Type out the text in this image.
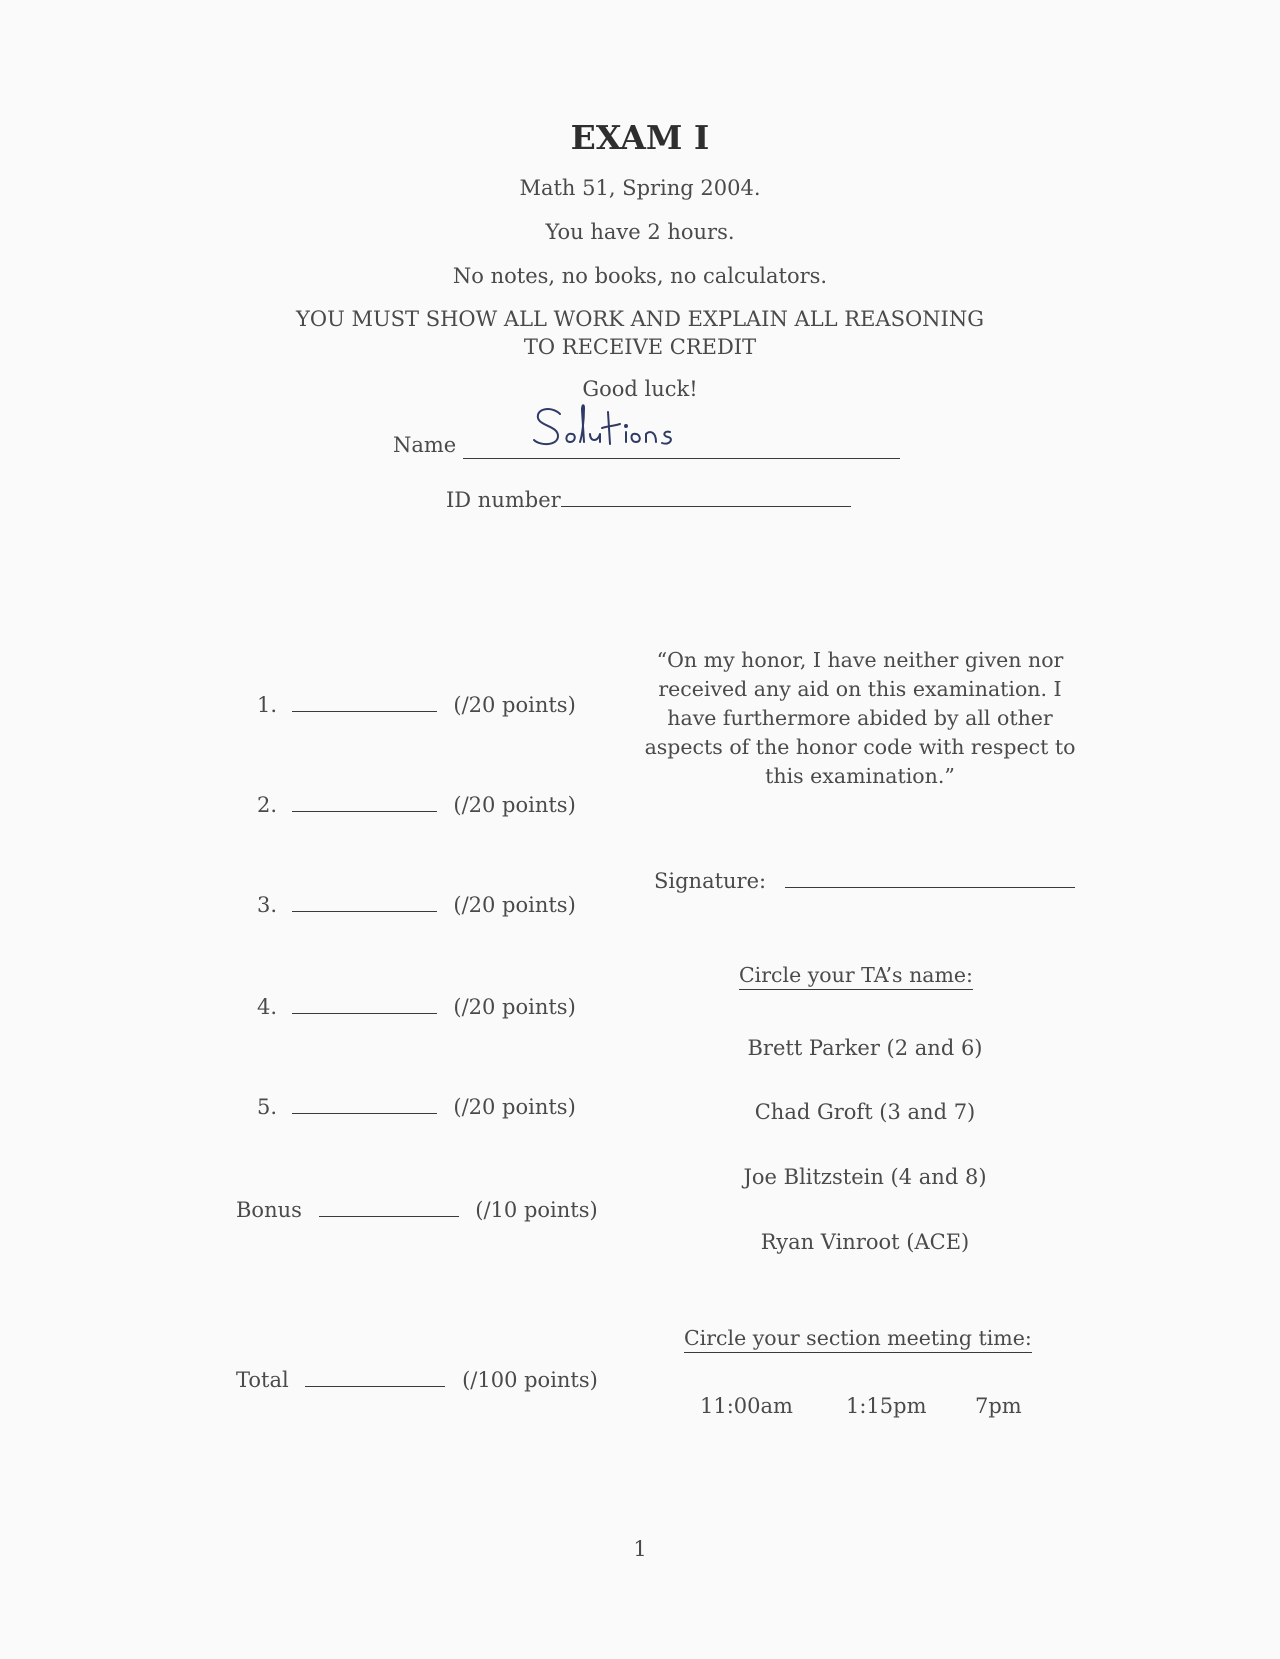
EXAM I
Math 51, Spring 2004.
You have 2 hours.
No notes, no books, no calculators.
YOU MUST SHOW ALL WORK AND EXPLAIN ALL REASONING
TO RECEIVE CREDIT
Good luck!
Name
ID number
1.	(/20 points)
2.	(/20 points)
3.	(/20 points)
4.	(/20 points)
5.	(/20 points)
Bonus	(/10 points)
Total	(/100 points)
“On my honor, I have neither given nor received any aid on this examination. I have furthermore abided by all other aspects of the honor code with respect to this examination.”
Signature:
Circle your TA’s name:
Brett Parker (2 and 6)
Chad Groft (3 and 7)
Joe Blitzstein (4 and 8)
Ryan Vinroot (ACE)
Circle your section meeting time:
11:00am	1:15pm 7pm
1
